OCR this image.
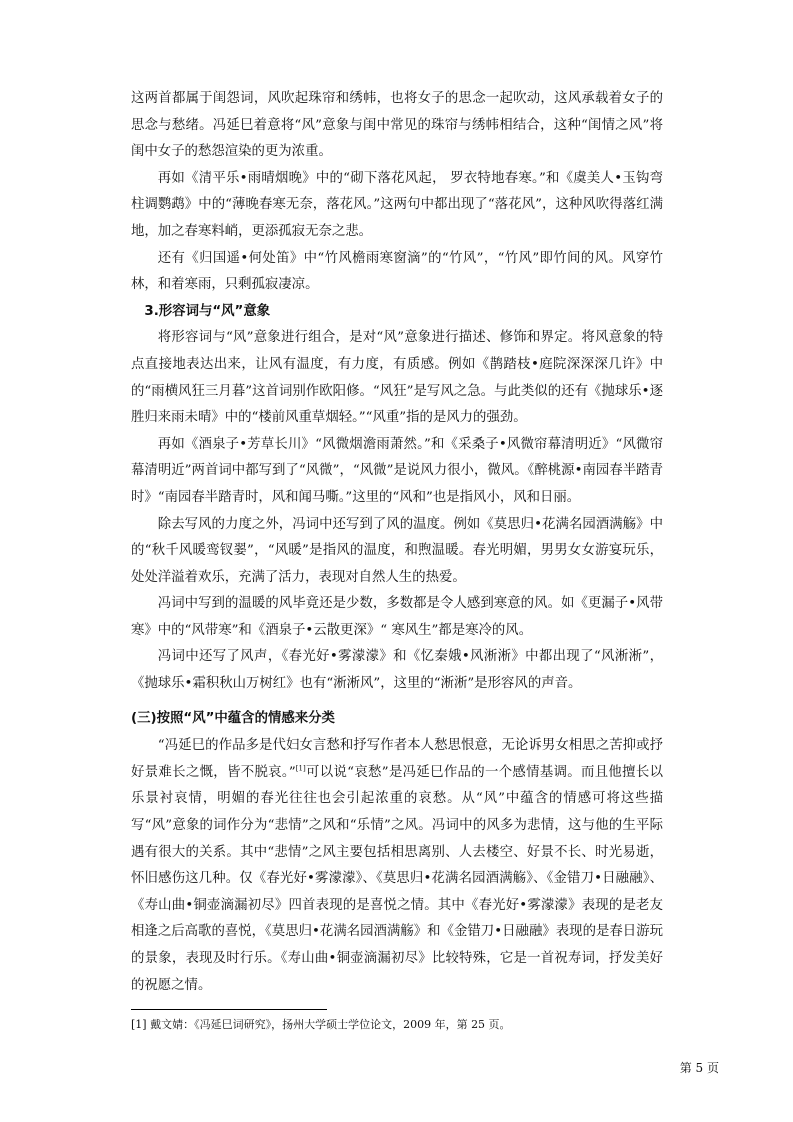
这两首都属于闺怨词，风吹起珠帘和绣帏，也将女子的思念一起吹动，这风承载着女子的思念与愁绪。冯延巳着意将“风”意象与闺中常见的珠帘与绣帏相结合，这种“闺情之风”将闺中女子的愁怨渲染的更为浓重。

再如《清平乐•雨晴烟晚》中的“砌下落花风起， 罗衣特地春寒。”和《虞美人•玉钩弯柱调鹦鹉》中的“薄晚春寒无奈，落花风。”这两句中都出现了“落花风”，这种风吹得落红满地，加之春寒料峭，更添孤寂无奈之悲。

还有《归国遥•何处笛》中“竹风檐雨寒窗滴”的“竹风”，“竹风”即竹间的风。风穿竹林，和着寒雨，只剩孤寂凄凉。

3.形容词与“风”意象

将形容词与“风”意象进行组合，是对“风”意象进行描述、修饰和界定。将风意象的特点直接地表达出来，让风有温度，有力度，有质感。例如《鹊踏枝•庭院深深深几许》中的“雨横风狂三月暮”这首词别作欧阳修。“风狂”是写风之急。与此类似的还有《抛球乐•逐胜归来雨未晴》中的“楼前风重草烟轻。”“风重”指的是风力的强劲。

再如《酒泉子•芳草长川》“风微烟澹雨萧然。”和《采桑子•风微帘幕清明近》“风微帘幕清明近”两首词中都写到了“风微”，“风微”是说风力很小，微风。《醉桃源•南园春半踏青时》“南园春半踏青时，风和闻马嘶。”这里的“风和”也是指风小，风和日丽。

除去写风的力度之外，冯词中还写到了风的温度。例如《莫思归•花满名园酒满觞》中的“秋千风暖鸾钗翣”，“风暖”是指风的温度，和煦温暖。春光明媚，男男女女游宴玩乐，处处洋溢着欢乐，充满了活力，表现对自然人生的热爱。

冯词中写到的温暖的风毕竟还是少数，多数都是令人感到寒意的风。如《更漏子•风带寒》中的“风带寒”和《酒泉子•云散更深》“ 寒风生”都是寒冷的风。

冯词中还写了风声，《春光好•雾濛濛》和《忆秦娥•风淅淅》中都出现了“风淅淅”，《抛球乐•霜积秋山万树红》也有“淅淅风”，这里的“淅淅”是形容风的声音。

(三)按照“风”中蕴含的情感来分类

“冯延巳的作品多是代妇女言愁和抒写作者本人愁思恨意，无论诉男女相思之苦抑或抒好景难长之慨，皆不脱哀。”[1]可以说“哀愁”是冯延巳作品的一个感情基调。而且他擅长以乐景衬哀情，明媚的春光往往也会引起浓重的哀愁。从“风”中蕴含的情感可将这些描写“风”意象的词作分为“悲情”之风和“乐情”之风。冯词中的风多为悲情，这与他的生平际遇有很大的关系。其中“悲情”之风主要包括相思离别、人去楼空、好景不长、时光易逝，怀旧感伤这几种。仅《春光好•雾濛濛》、《莫思归•花满名园酒满觞》、《金错刀•日融融》、《寿山曲•铜壶滴漏初尽》四首表现的是喜悦之情。其中《春光好•雾濛濛》表现的是老友相逢之后高歌的喜悦，《莫思归•花满名园酒满觞》和《金错刀•日融融》表现的是春日游玩的景象，表现及时行乐。《寿山曲•铜壶滴漏初尽》比较特殊，它是一首祝寿词，抒发美好的祝愿之情。

[1] 戴文婧：《冯延巳词研究》，扬州大学硕士学位论文，2009 年，第 25 页。
第 5 页
